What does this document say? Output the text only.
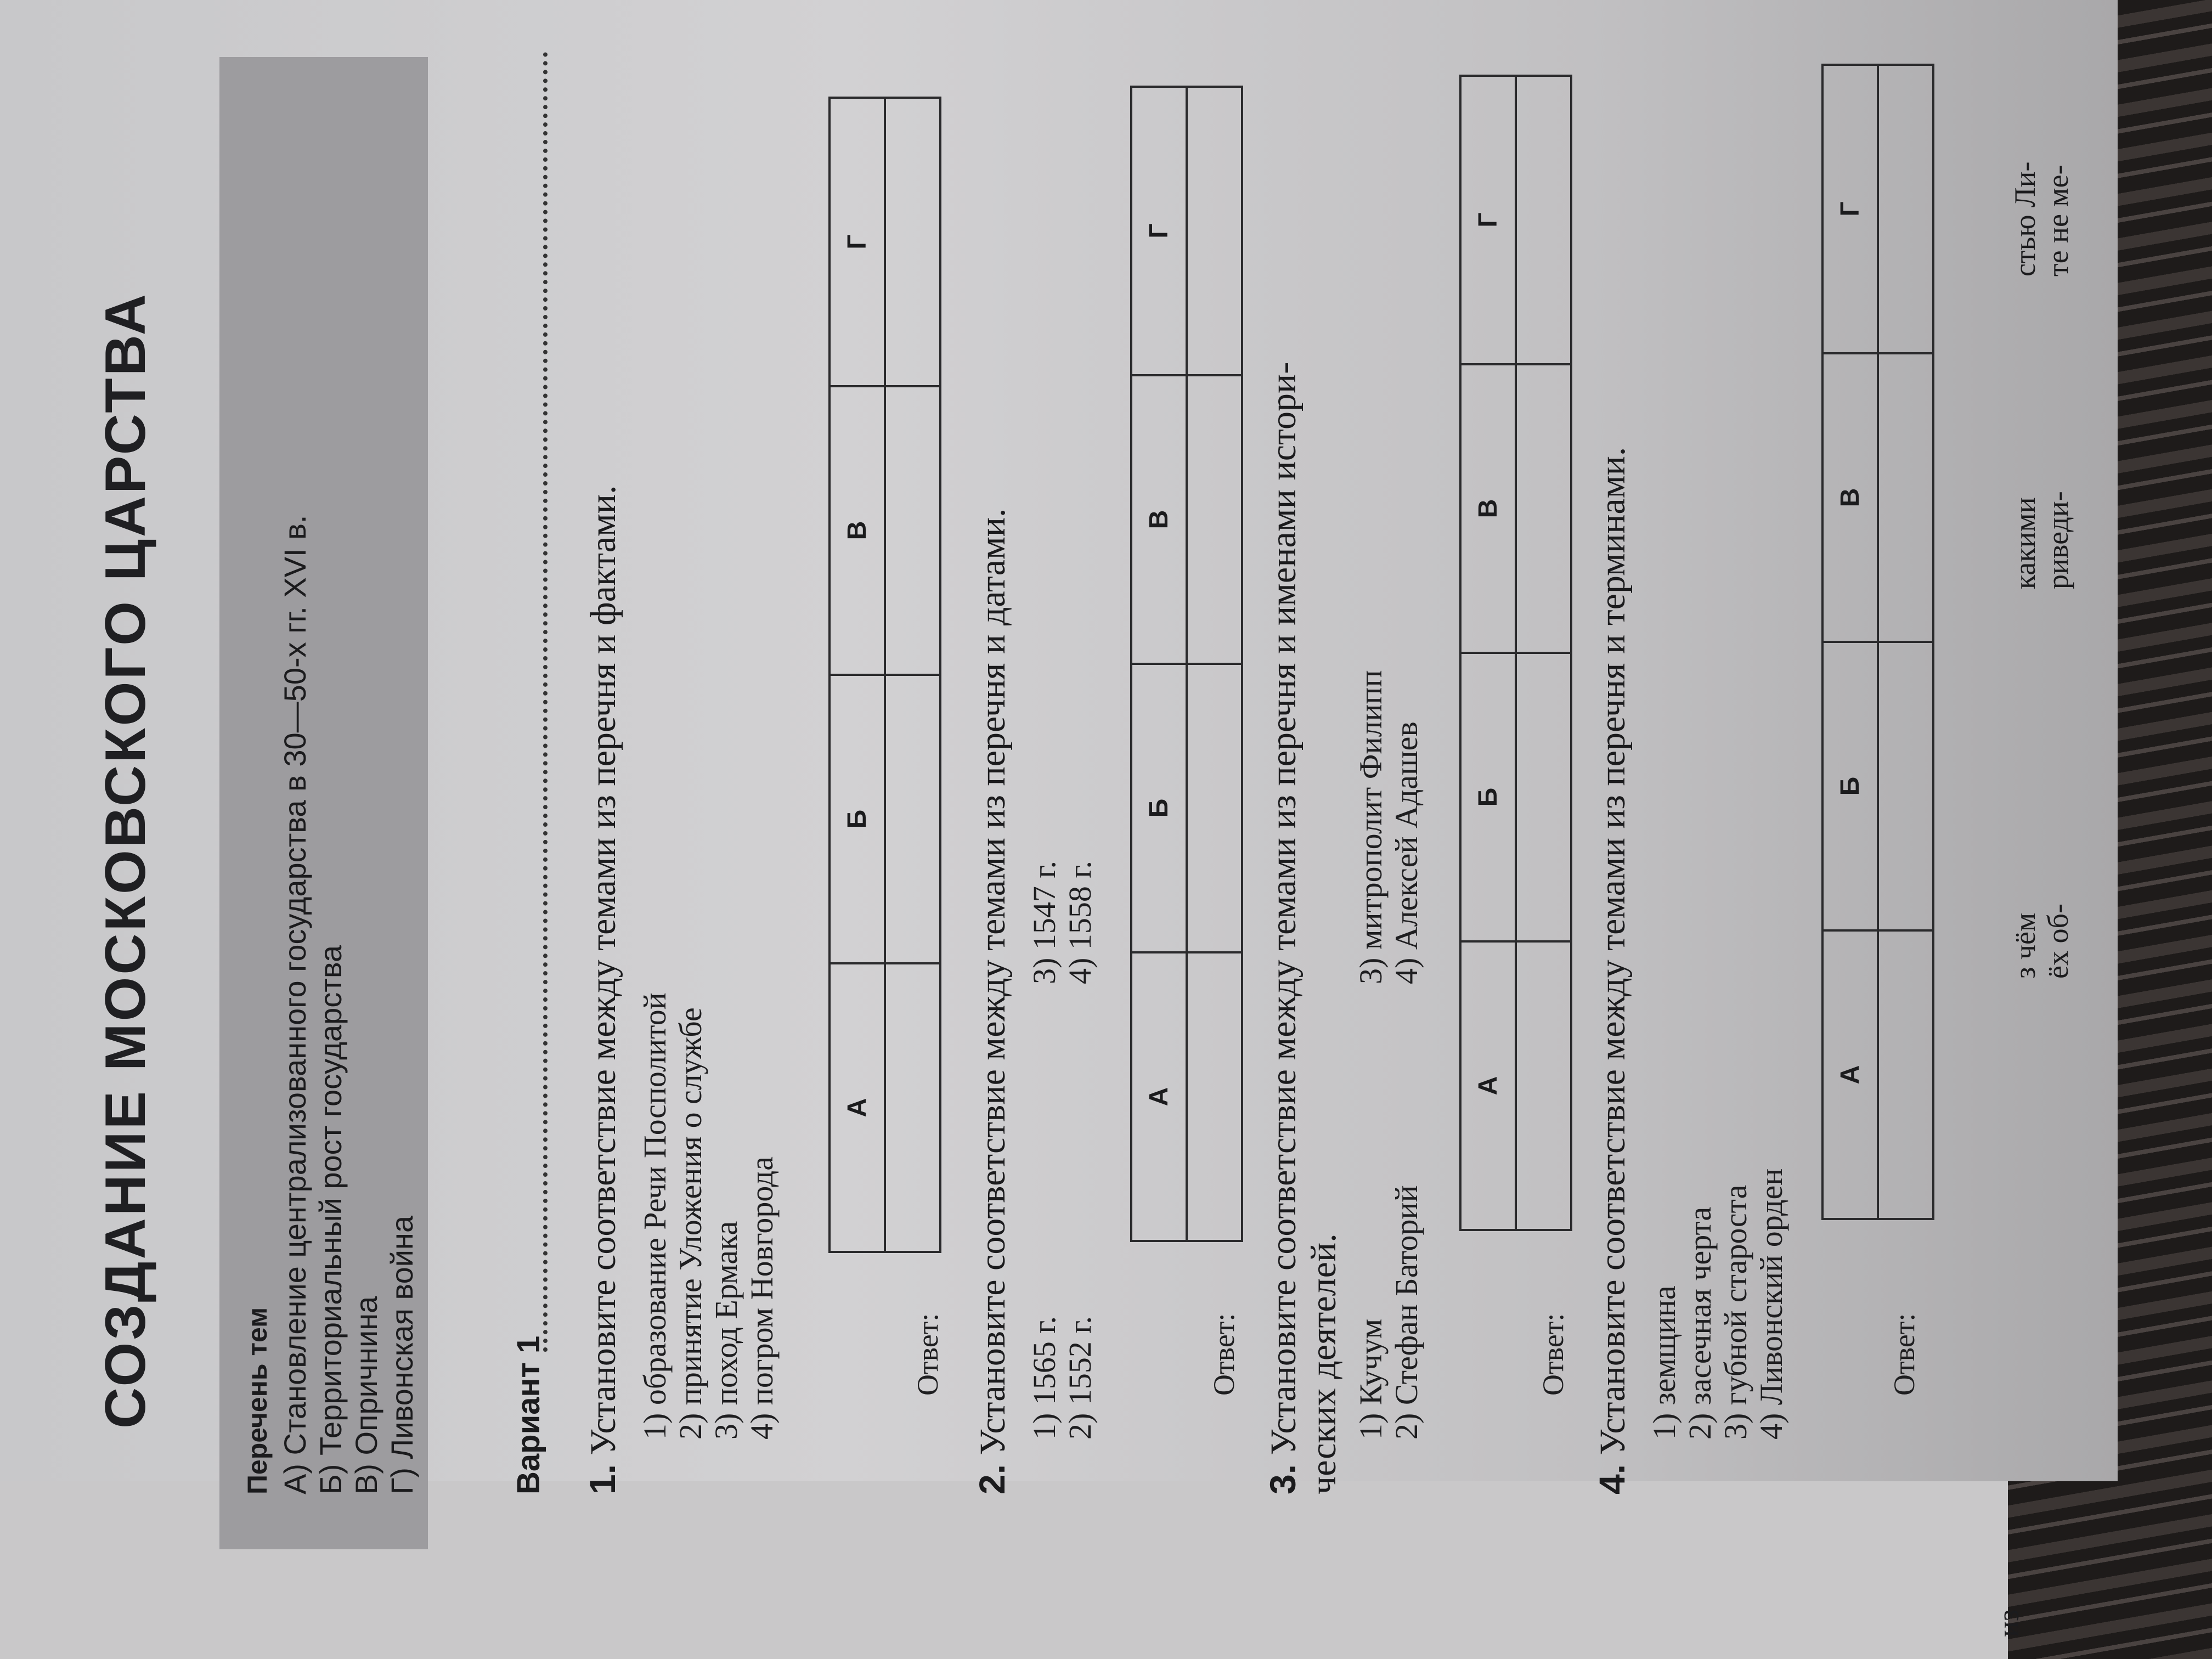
СОЗДАНИЕ МОСКОВСКОГО ЦАРСТВА	Перечень тем А) Становление централизованного государства в 30—50-х гг. XVI в. Б) Территориальный рост государства В) Опричнина Г) Ливонская война	Вариант 1 1. Установите соответствие между темами из перечня и фактами. 1) образование Речи Посполитой 2) принятие Уложения о службе 3) поход Ермака 4) погром Новгорода	Ответ:
А	Б	В	Г

2. Установите соответствие между темами из перечня и датами. 1) 1565 г. 2) 1552 г.
3) 1547 г. 4) 1558 г.
Ответ:
А	Б	В	Г

3. Установите соответствие между темами из перечня и именами истори- ческих деятелей. 1) Кучум 2) Стефан Баторий
3) митрополит Филипп 4) Алексей Адашев
Ответ:
А	Б	В	Г

4. Установите соответствие между темами из перечня и терминами. 1) земщина 2) засечная черта 3) губной староста 4) Ливонский орден	Ответ:
А	Б	В	Г

из
з чём ёх об-
какими риведи-
стью Ли- те не ме-
